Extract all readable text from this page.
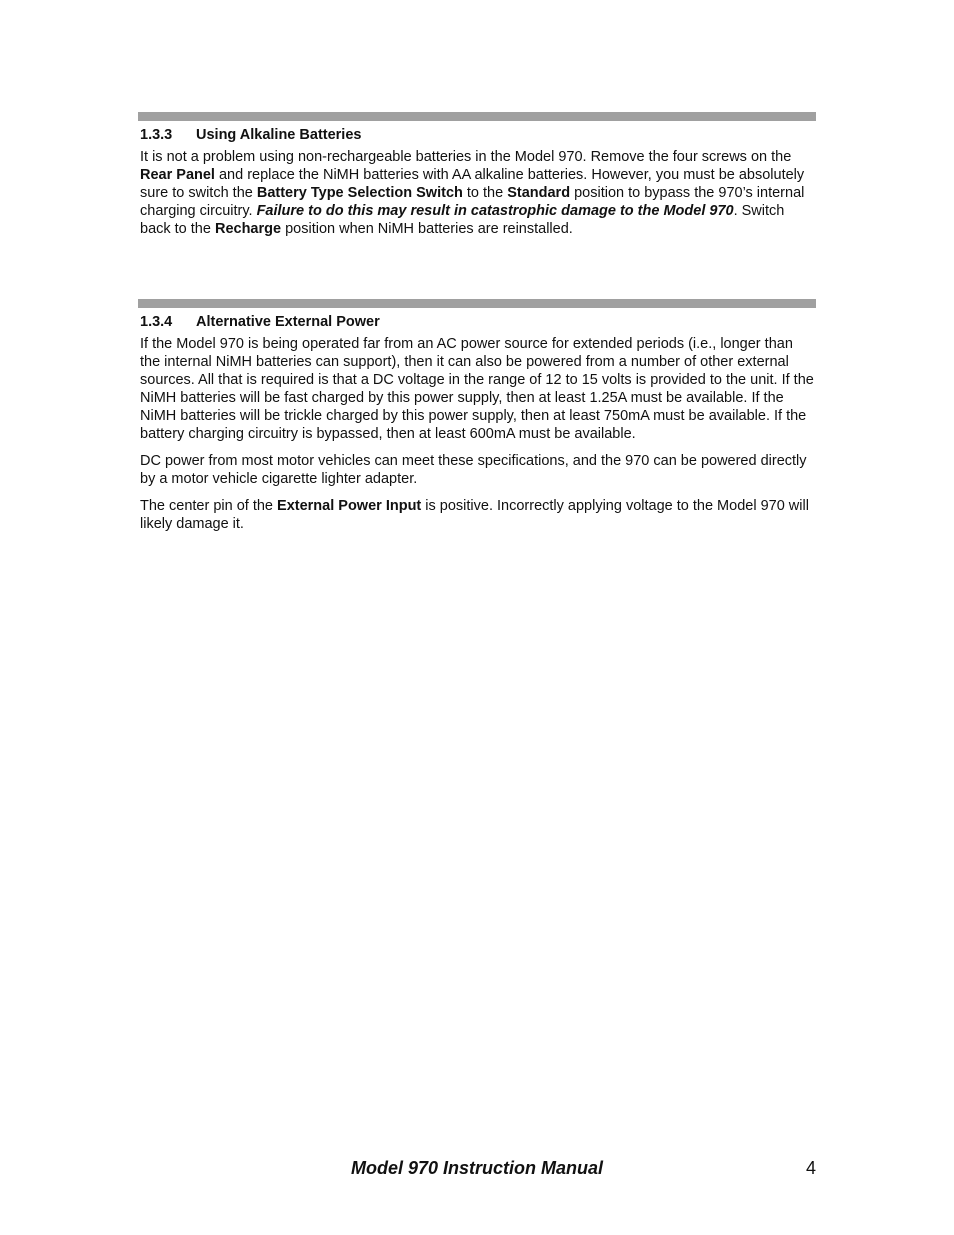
1.3.3 Using Alkaline Batteries

It is not a problem using non-rechargeable batteries in the Model 970. Remove the four screws on the Rear Panel and replace the NiMH batteries with AA alkaline batteries. However, you must be absolutely sure to switch the Battery Type Selection Switch to the Standard position to bypass the 970’s internal charging circuitry. Failure to do this may result in catastrophic damage to the Model 970. Switch back to the Recharge position when NiMH batteries are reinstalled.

1.3.4 Alternative External Power

If the Model 970 is being operated far from an AC power source for extended periods (i.e., longer than the internal NiMH batteries can support), then it can also be powered from a number of other external sources. All that is required is that a DC voltage in the range of 12 to 15 volts is provided to the unit. If the NiMH batteries will be fast charged by this power supply, then at least 1.25A must be available. If the NiMH batteries will be trickle charged by this power supply, then at least 750mA must be available. If the battery charging circuitry is bypassed, then at least 600mA must be available.

DC power from most motor vehicles can meet these specifications, and the 970 can be powered directly by a motor vehicle cigarette lighter adapter.

The center pin of the External Power Input is positive. Incorrectly applying voltage to the Model 970 will likely damage it.

Model 970 Instruction Manual	4
